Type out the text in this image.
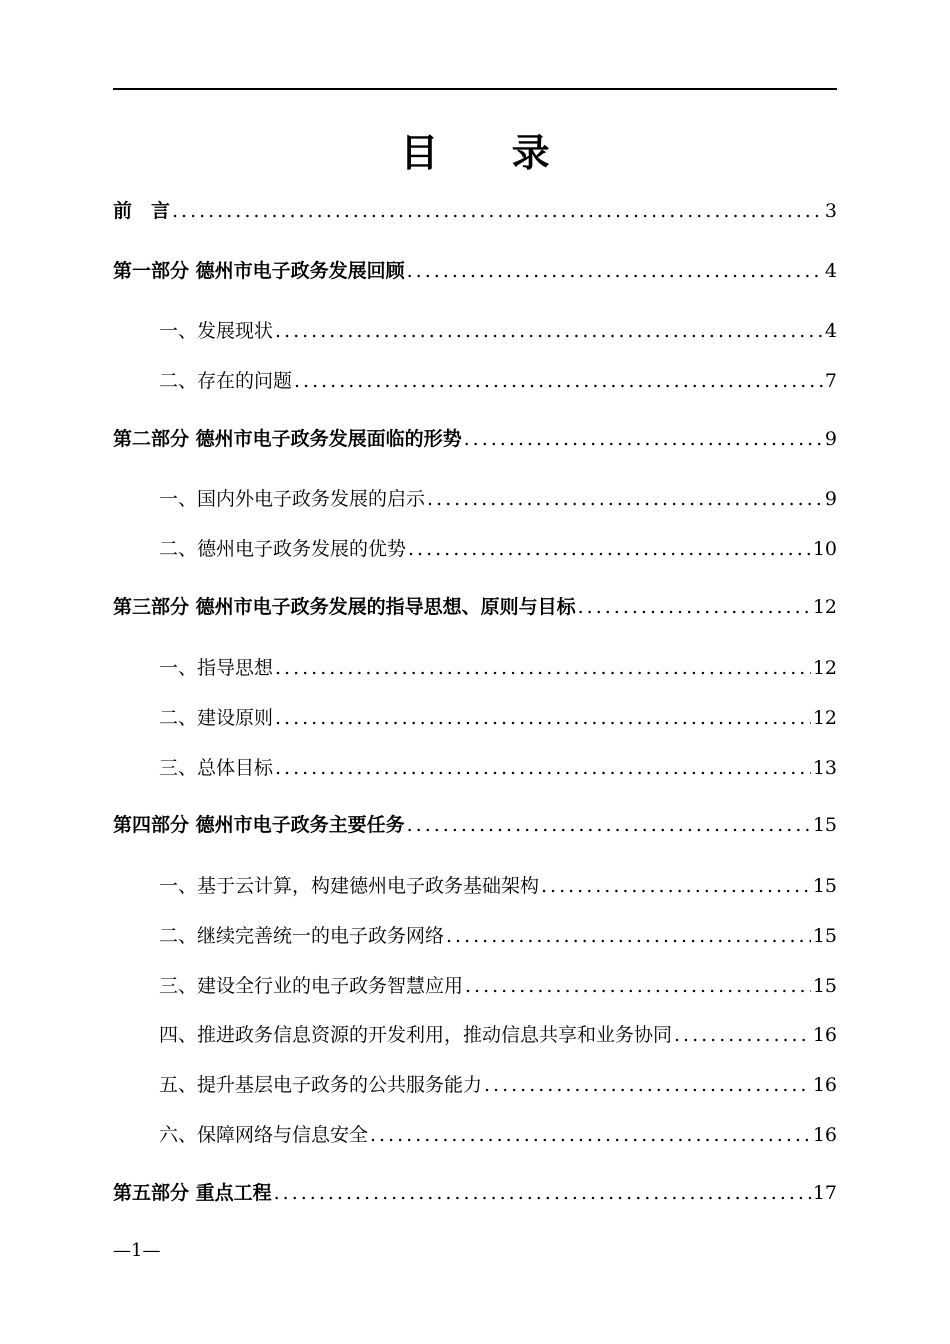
目 录
前　言 .....	3
第一部分 德州市电子政务发展回顾 .....	4
一、发展现状 .....	4
二、存在的问题 .....	7
第二部分 德州市电子政务发展面临的形势 .....	9
一、国内外电子政务发展的启示 .....	9
二、德州电子政务发展的优势 .....	10
第三部分 德州市电子政务发展的指导思想、原则与目标 .....	12
一、指导思想 .....	12
二、建设原则 .....	12
三、总体目标 .....	13
第四部分 德州市电子政务主要任务 .....	15
一、基于云计算，构建德州电子政务基础架构 .....	15
二、继续完善统一的电子政务网络 .....	15
三、建设全行业的电子政务智慧应用 .....	15
四、推进政务信息资源的开发利用，推动信息共享和业务协同 .....	16
五、提升基层电子政务的公共服务能力 .....	16
六、保障网络与信息安全 .....	16
第五部分 重点工程 .....	17
—1—
